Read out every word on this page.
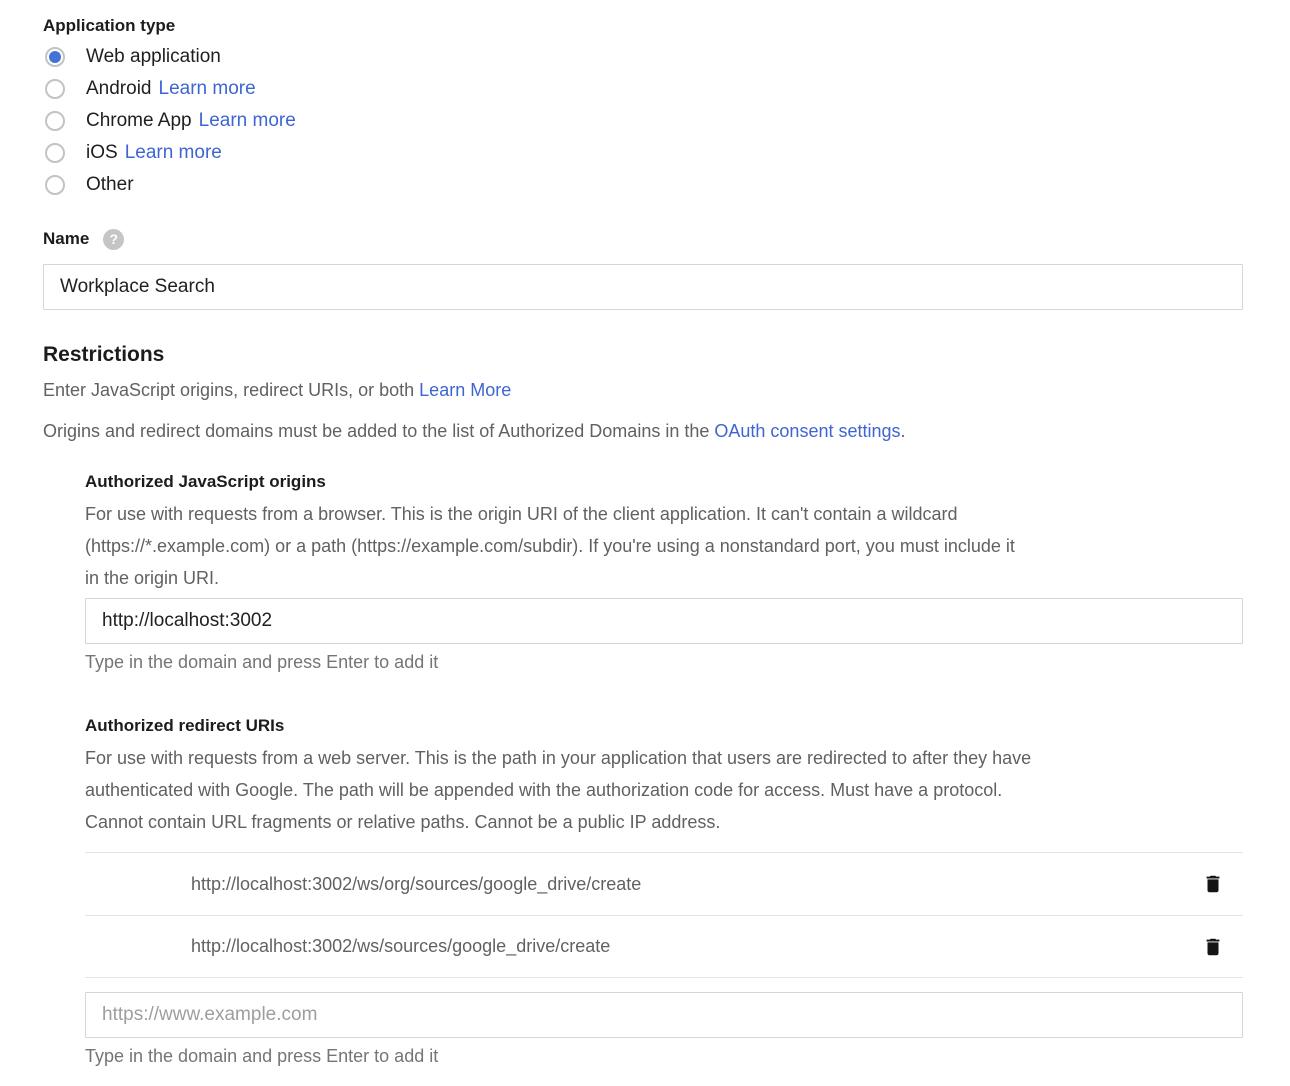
Application type
Web application
Android Learn more
Chrome App Learn more
iOS Learn more
Other
Name	?
Workplace Search
Restrictions
Enter JavaScript origins, redirect URIs, or both Learn More
Origins and redirect domains must be added to the list of Authorized Domains in the OAuth consent settings.
Authorized JavaScript origins
For use with requests from a browser. This is the origin URI of the client application. It can't contain a wildcard
(https://*.example.com) or a path (https://example.com/subdir). If you're using a nonstandard port, you must include it
in the origin URI.
http://localhost:3002
Type in the domain and press Enter to add it
Authorized redirect URIs
For use with requests from a web server. This is the path in your application that users are redirected to after they have
authenticated with Google. The path will be appended with the authorization code for access. Must have a protocol.
Cannot contain URL fragments or relative paths. Cannot be a public IP address.
http://localhost:3002/ws/org/sources/google_drive/create
http://localhost:3002/ws/sources/google_drive/create
https://www.example.com
Type in the domain and press Enter to add it
